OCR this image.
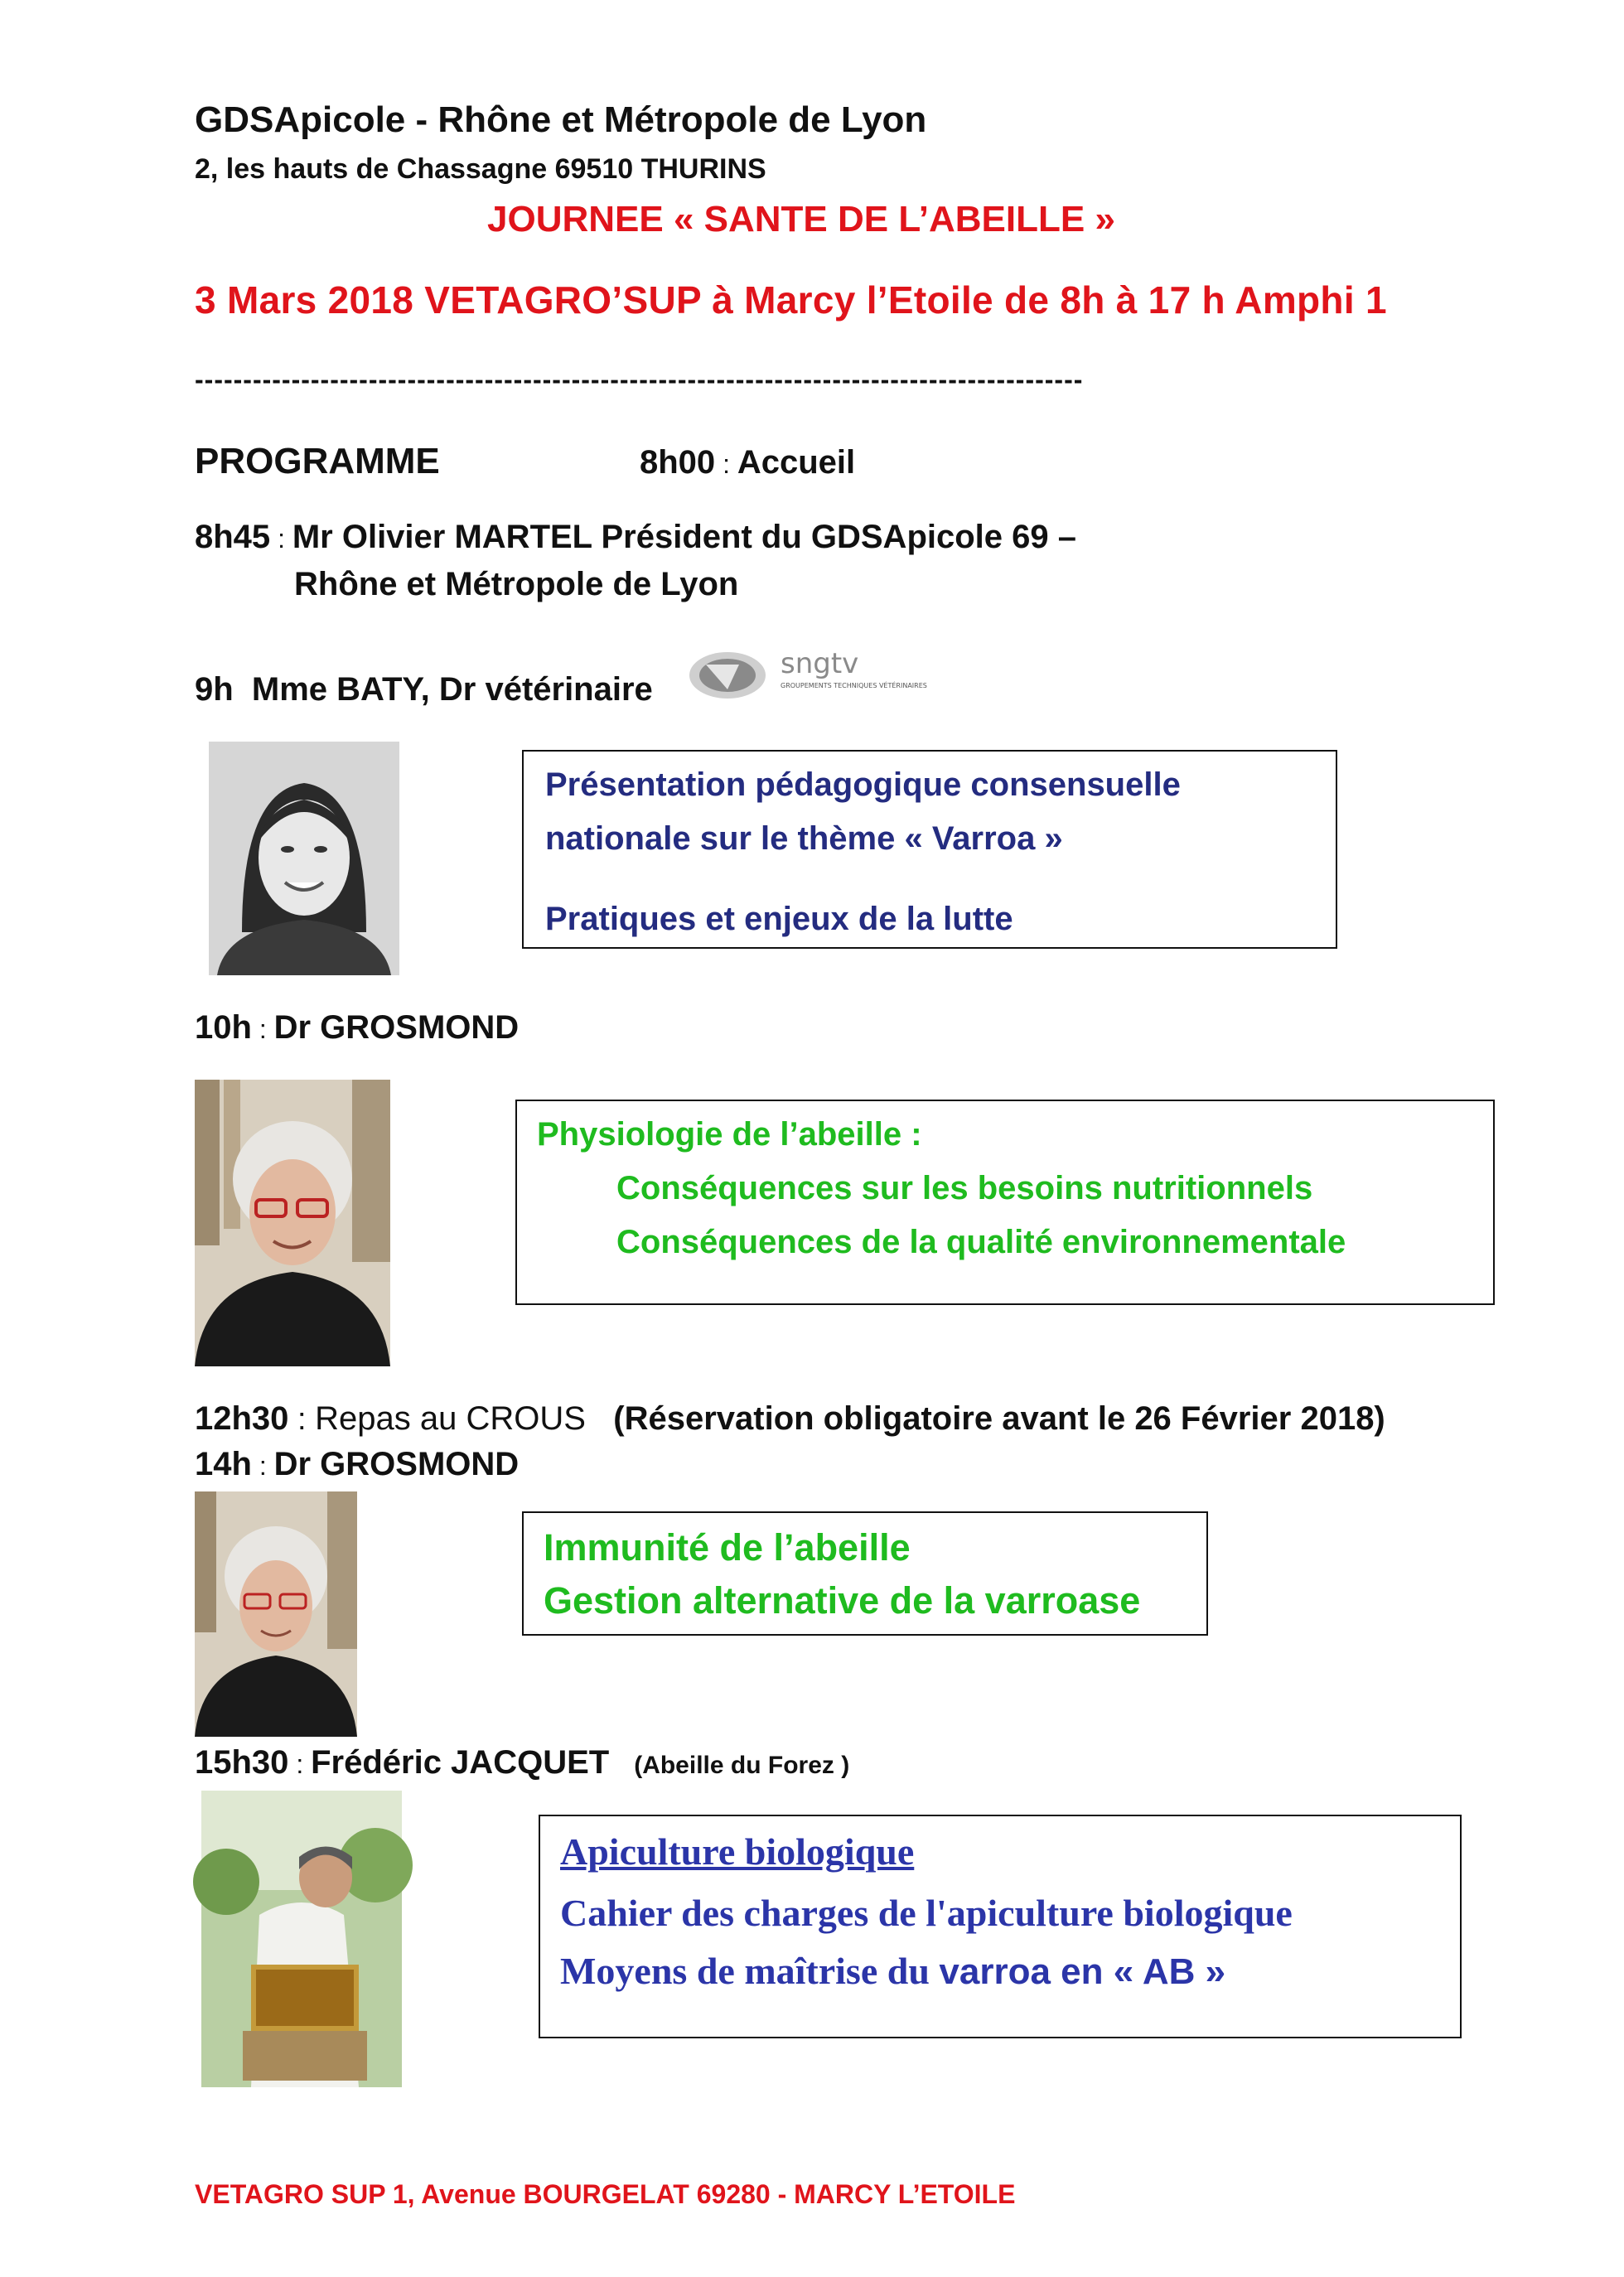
GDSApicole - Rhône et Métropole de Lyon
2, les hauts de Chassagne 69510 THURINS
JOURNEE « SANTE DE L’ABEILLE »
3 Mars 2018 VETAGRO’SUP à Marcy l’Etoile de 8h à 17 h Amphi 1
--------------------------------------------------------------------------------------------
PROGRAMME	8h00 : Accueil
8h45 : Mr Olivier MARTEL Président du GDSApicole 69 –
Rhône et Métropole de Lyon
9h Mme BATY, Dr vétérinaire
sngtv
GROUPEMENTS TECHNIQUES VÉTÉRINAIRES
Présentation pédagogique consensuelle
nationale sur le thème « Varroa »
Pratiques et enjeux de la lutte
10h : Dr GROSMOND
Physiologie de l’abeille :
Conséquences sur les besoins nutritionnels
Conséquences de la qualité environnementale
12h30 : Repas au CROUS (Réservation obligatoire avant le 26 Février 2018)
14h : Dr GROSMOND
Immunité de l’abeille
Gestion alternative de la varroase
15h30 : Frédéric JACQUET (Abeille du Forez )
Apiculture biologique
Cahier des charges de l'apiculture biologique
Moyens de maîtrise du varroa en « AB »
VETAGRO SUP 1, Avenue BOURGELAT 69280 - MARCY L’ETOILE
